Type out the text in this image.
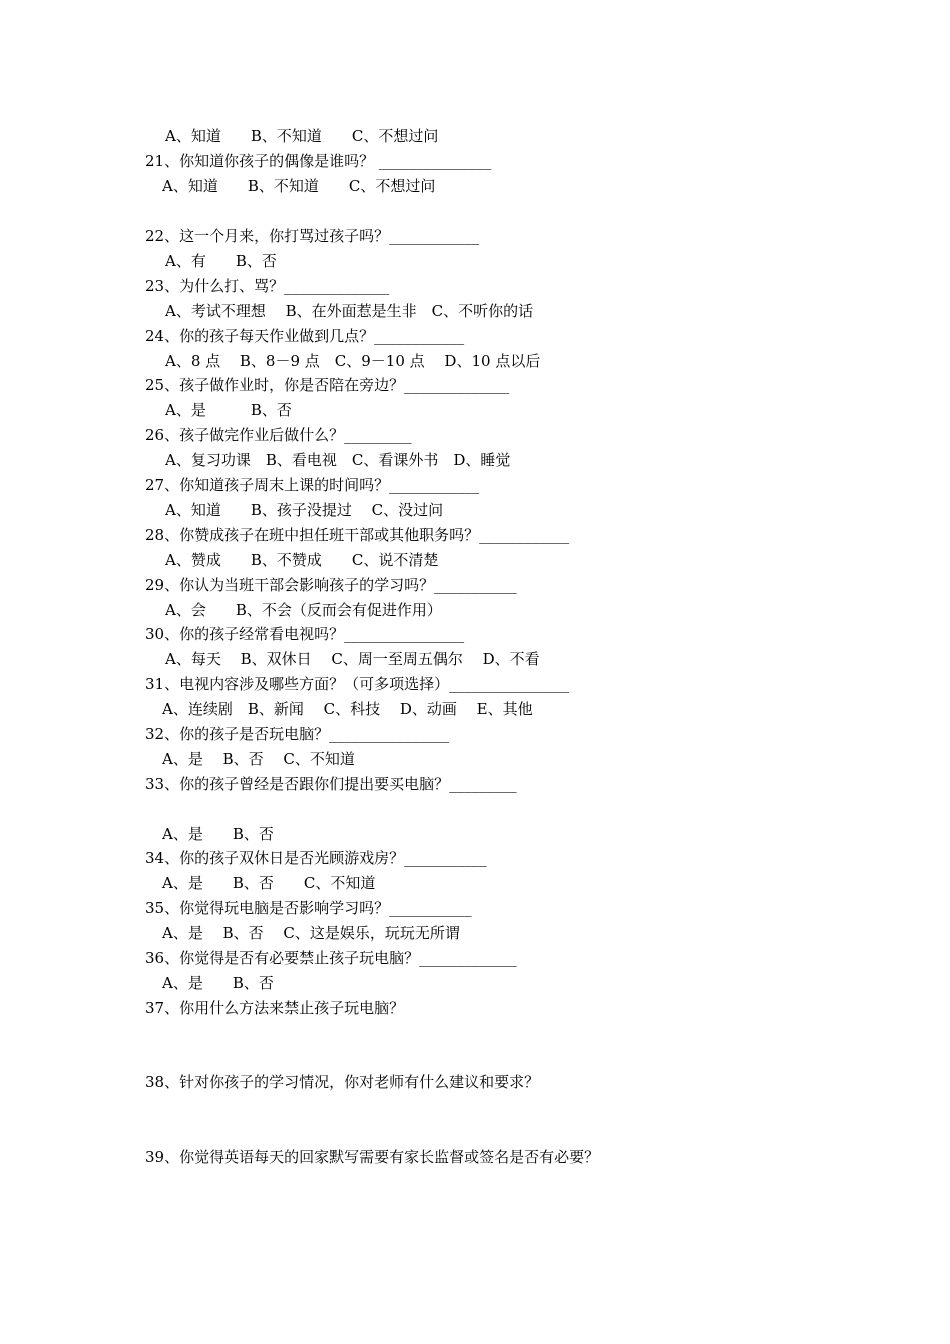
A、知道　　B、不知道　　C、不想过问
21、你知道你孩子的偶像是谁吗？ _______________
A、知道　　B、不知道　　C、不想过问
22、这一个月来，你打骂过孩子吗？____________
A、有　　B、否
23、为什么打、骂？______________
A、考试不理想　 B、在外面惹是生非　C、不听你的话
24、你的孩子每天作业做到几点？____________
A、8 点　 B、8－9 点　C、9－10 点　 D、10 点以后
25、孩子做作业时，你是否陪在旁边？______________
A、是　　　B、否
26、孩子做完作业后做什么？_________
A、复习功课　B、看电视　C、看课外书　D、睡觉
27、你知道孩子周末上课的时间吗？____________
A、知道　　B、孩子没提过　 C、没过问
28、你赞成孩子在班中担任班干部或其他职务吗？____________
A、赞成　　B、不赞成　　C、说不清楚
29、你认为当班干部会影响孩子的学习吗？___________
A、会　　B、不会（反而会有促进作用）
30、你的孩子经常看电视吗？________________
A、每天　 B、双休日　 C、周一至周五偶尔　 D、不看
31、电视内容涉及哪些方面？（可多项选择）________________
A、连续剧　B、新闻　 C、科技　 D、动画　 E、其他
32、你的孩子是否玩电脑？________________
A、是　 B、否　 C、不知道
33、你的孩子曾经是否跟你们提出要买电脑？_________
A、是　　B、否
34、你的孩子双休日是否光顾游戏房？___________
A、是　　B、否　　C、不知道
35、你觉得玩电脑是否影响学习吗？___________
A、是　 B、否　 C、这是娱乐，玩玩无所谓
36、你觉得是否有必要禁止孩子玩电脑？_____________
A、是　　B、否
37、你用什么方法来禁止孩子玩电脑？
38、针对你孩子的学习情况，你对老师有什么建议和要求？
39、你觉得英语每天的回家默写需要有家长监督或签名是否有必要？
